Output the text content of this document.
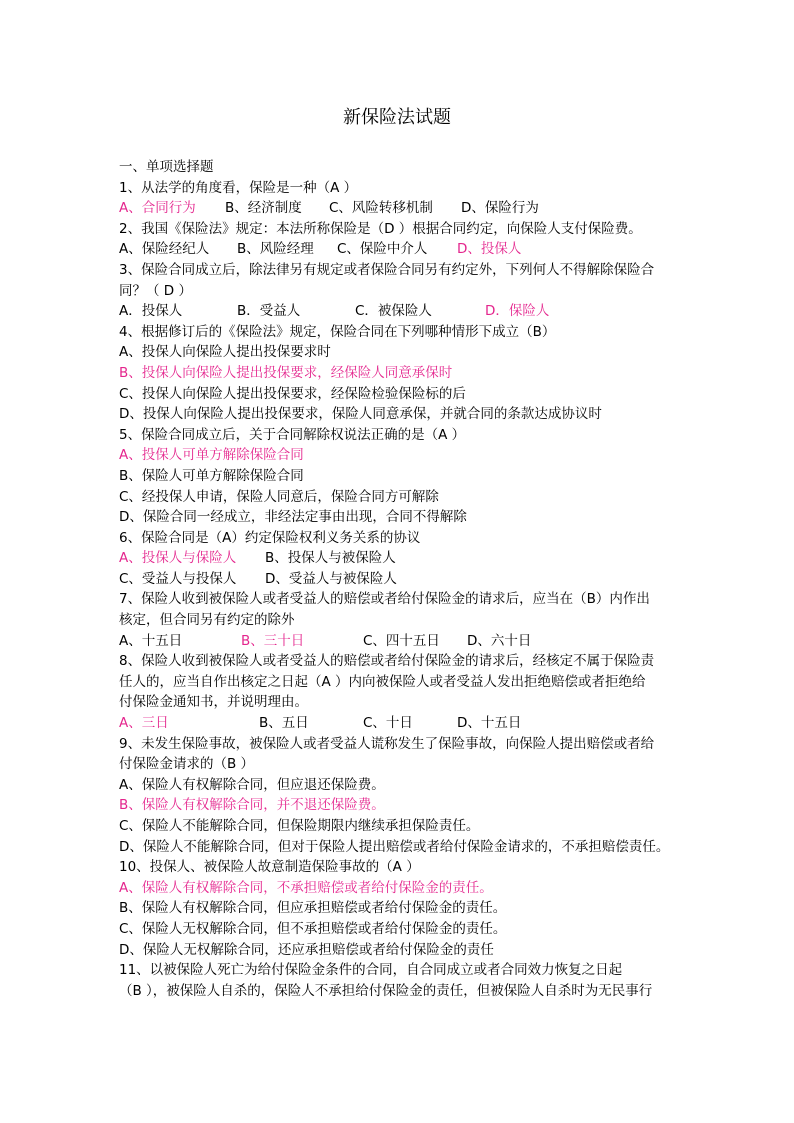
新保险法试题
一、单项选择题
1、从法学的角度看，保险是一种（A ）
A、合同行为 B、经济制度 C、风险转移机制 D、保险行为
2、我国《保险法》规定：本法所称保险是（D ）根据合同约定，向保险人支付保险费。
A、保险经纪人 B、风险经理 C、保险中介人 D、投保人
3、保险合同成立后，除法律另有规定或者保险合同另有约定外，下列何人不得解除保险合
同？（ D ）
A．投保人	B．受益人	C．被保险人	D．保险人
4、根据修订后的《保险法》规定，保险合同在下列哪种情形下成立（B）
A、投保人向保险人提出投保要求时
B、投保人向保险人提出投保要求，经保险人同意承保时
C、投保人向保险人提出投保要求，经保险检验保险标的后
D、投保人向保险人提出投保要求，保险人同意承保，并就合同的条款达成协议时
5、保险合同成立后，关于合同解除权说法正确的是（A ）
A、投保人可单方解除保险合同
B、保险人可单方解除保险合同
C、经投保人申请，保险人同意后，保险合同方可解除
D、保险合同一经成立，非经法定事由出现，合同不得解除
6、保险合同是（A）约定保险权利义务关系的协议
A、投保人与保险人 B、投保人与被保险人
C、受益人与投保人 D、受益人与被保险人
7、保险人收到被保险人或者受益人的赔偿或者给付保险金的请求后，应当在（B）内作出
核定，但合同另有约定的除外
A、十五日	B、三十日	C、四十五日 D、六十日
8、保险人收到被保险人或者受益人的赔偿或者给付保险金的请求后，经核定不属于保险责
任人的，应当自作出核定之日起（A ）内向被保险人或者受益人发出拒绝赔偿或者拒绝给
付保险金通知书，并说明理由。
A、三日	B、五日	C、十日	D、十五日
9、未发生保险事故，被保险人或者受益人谎称发生了保险事故，向保险人提出赔偿或者给
付保险金请求的（B ）
A、保险人有权解除合同，但应退还保险费。
B、保险人有权解除合同，并不退还保险费。
C、保险人不能解除合同，但保险期限内继续承担保险责任。
D、保险人不能解除合同，但对于保险人提出赔偿或者给付保险金请求的，不承担赔偿责任。
10、投保人、被保险人故意制造保险事故的（A ）
A、保险人有权解除合同，不承担赔偿或者给付保险金的责任。
B、保险人有权解除合同，但应承担赔偿或者给付保险金的责任。
C、保险人无权解除合同，但不承担赔偿或者给付保险金的责任。
D、保险人无权解除合同，还应承担赔偿或者给付保险金的责任
11、以被保险人死亡为给付保险金条件的合同，自合同成立或者合同效力恢复之日起
（B ），被保险人自杀的，保险人不承担给付保险金的责任，但被保险人自杀时为无民事行
